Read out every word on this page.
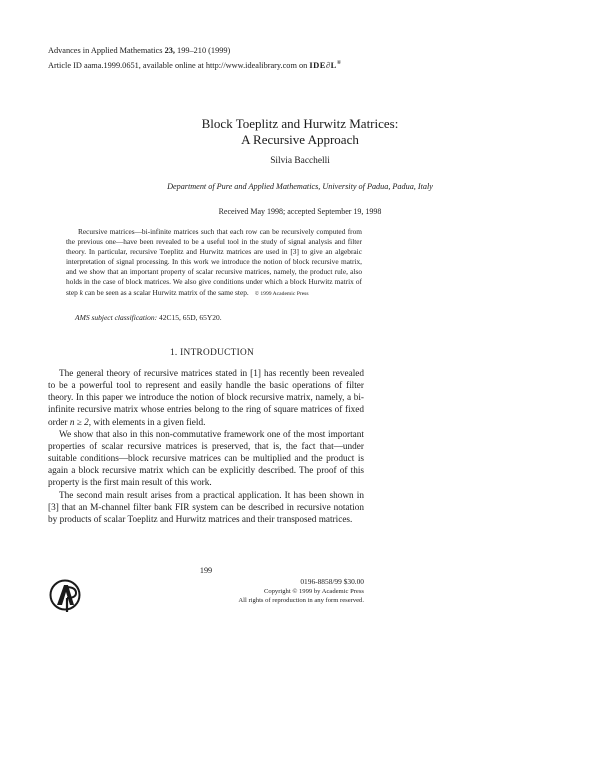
Advances in Applied Mathematics 23, 199–210 (1999)
Article ID aama.1999.0651, available online at http://www.idealibrary.com on IDE∂L®
Block Toeplitz and Hurwitz Matrices:
A Recursive Approach
Silvia Bacchelli
Department of Pure and Applied Mathematics, University of Padua, Padua, Italy
Received May 1998; accepted September 19, 1998
Recursive matrices—bi-infinite matrices such that each row can be recursively computed from the previous one—have been revealed to be a useful tool in the study of signal analysis and filter theory. In particular, recursive Toeplitz and Hurwitz matrices are used in [3] to give an algebraic interpretation of signal processing. In this work we introduce the notion of block recursive matrix, and we show that an important property of scalar recursive matrices, namely, the product rule, also holds in the case of block matrices. We also give conditions under which a block Hurwitz matrix of step k can be seen as a scalar Hurwitz matrix of the same step. © 1999 Academic Press
AMS subject classification: 42C15, 65D, 65Y20.
1. INTRODUCTION

The general theory of recursive matrices stated in [1] has recently been revealed to be a powerful tool to represent and easily handle the basic operations of filter theory. In this paper we introduce the notion of block recursive matrix, namely, a bi-infinite recursive matrix whose entries belong to the ring of square matrices of fixed order n ≥ 2, with elements in a given field.

We show that also in this non-commutative framework one of the most important properties of scalar recursive matrices is preserved, that is, the fact that—under suitable conditions—block recursive matrices can be multiplied and the product is again a block recursive matrix which can be explicitly described. The proof of this property is the first main result of this work.

The second main result arises from a practical application. It has been shown in [3] that an M-channel filter bank FIR system can be described in recursive notation by products of scalar Toeplitz and Hurwitz matrices and their transposed matrices.

199
0196-8858/99 $30.00
Copyright © 1999 by Academic Press
All rights of reproduction in any form reserved.
